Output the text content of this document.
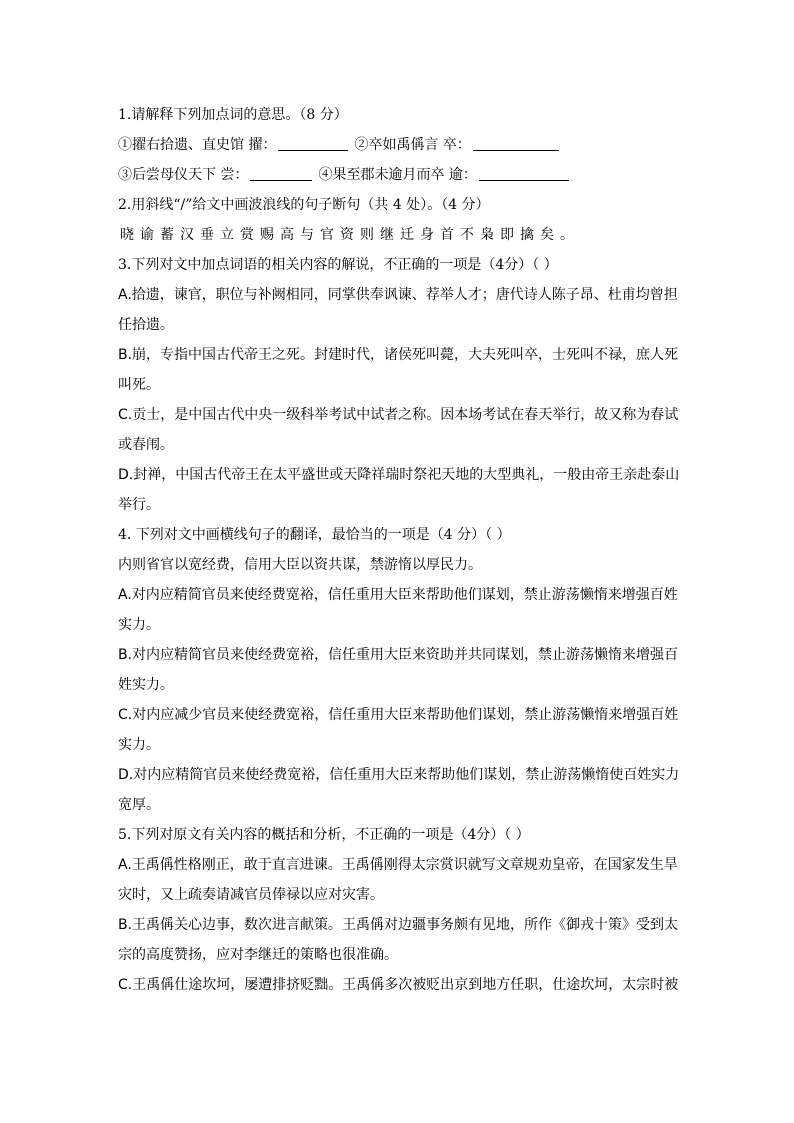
1.请解释下列加点词的意思。（8 分）
①擢右拾遗、直史馆 擢：	②卒如禹偁言 卒：
③后尝母仪天下 尝：	④果至郡未逾月而卒 逾：
2.用斜线“/”给文中画波浪线的句子断句（共 4 处）。（4 分）
晓谕蓄汉垂立赏赐高与官资则继迁身首不枭即擒矣。
3.下列对文中加点词语的相关内容的解说，不正确的一项是（4分）（ ）
A.拾遗，谏官，职位与补阙相同，同掌供奉讽谏、荐举人才；唐代诗人陈子昂、杜甫均曾担
任拾遗。
B.崩，专指中国古代帝王之死。封建时代，诸侯死叫薨，大夫死叫卒，士死叫不禄，庶人死
叫死。
C.贡士，是中国古代中央一级科举考试中试者之称。因本场考试在春天举行，故又称为春试
或春闱。
D.封禅，中国古代帝王在太平盛世或天降祥瑞时祭祀天地的大型典礼，一般由帝王亲赴泰山
举行。
4. 下列对文中画横线句子的翻译，最恰当的一项是（4 分）（ ）
内则省官以宽经费，信用大臣以资共谋，禁游惰以厚民力。
A.对内应精简官员来使经费宽裕，信任重用大臣来帮助他们谋划，禁止游荡懒惰来增强百姓
实力。
B.对内应精简官员来使经费宽裕，信任重用大臣来资助并共同谋划，禁止游荡懒惰来增强百
姓实力。
C.对内应减少官员来使经费宽裕，信任重用大臣来帮助他们谋划，禁止游荡懒惰来增强百姓
实力。
D.对内应精简官员来使经费宽裕，信任重用大臣来帮助他们谋划，禁止游荡懒惰使百姓实力
宽厚。
5.下列对原文有关内容的概括和分析，不正确的一项是（4分）（ ）
A.王禹偁性格刚正，敢于直言进谏。王禹偁刚得太宗赏识就写文章规劝皇帝，在国家发生旱
灾时，又上疏奏请减官员俸禄以应对灾害。
B.王禹偁关心边事，数次进言献策。王禹偁对边疆事务颇有见地，所作《御戎十策》受到太
宗的高度赞扬，应对李继迁的策略也很准确。
C.王禹偁仕途坎坷，屡遭排挤贬黜。王禹偁多次被贬出京到地方任职，仕途坎坷，太宗时被
